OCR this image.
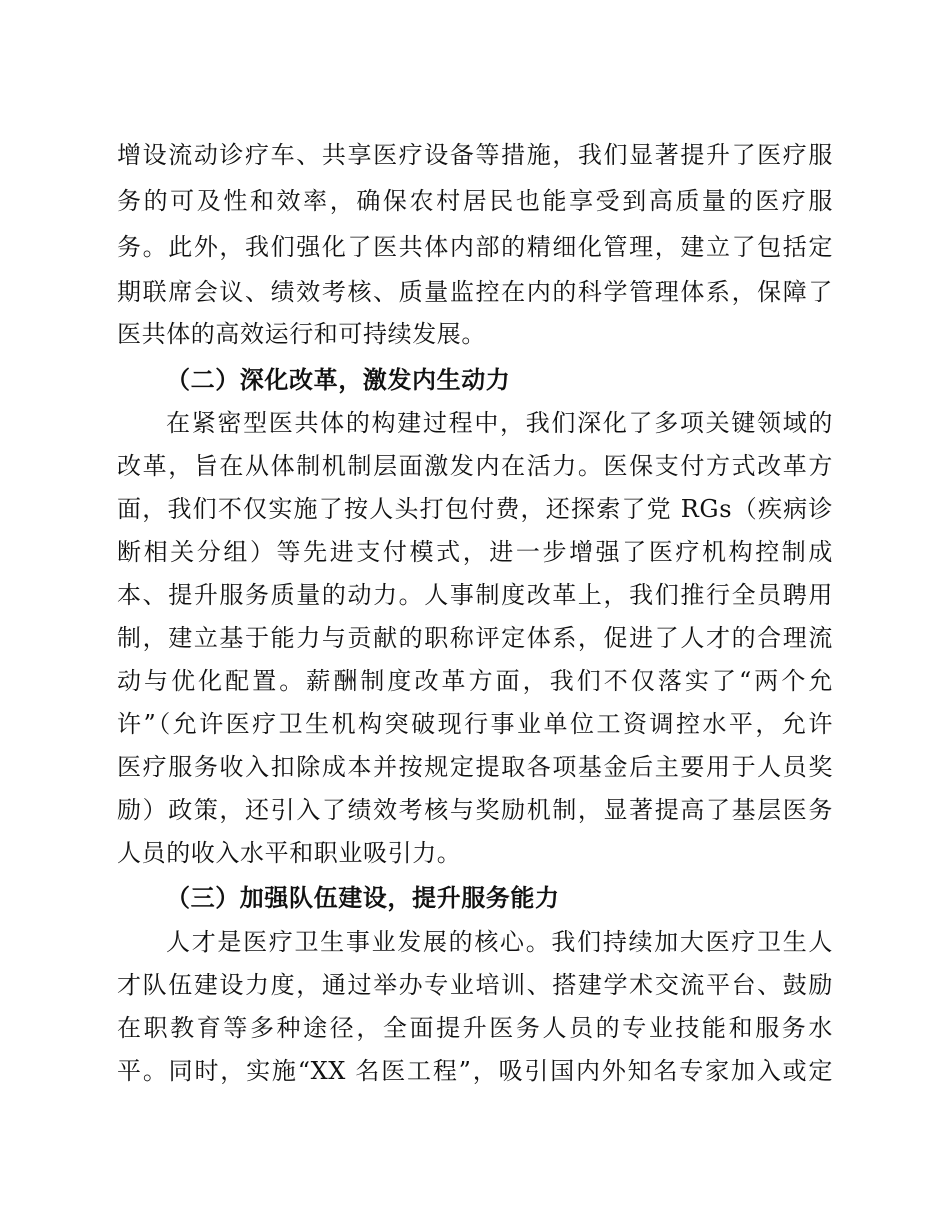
增设流动诊疗车、共享医疗设备等措施，我们显著提升了医疗服
务的可及性和效率，确保农村居民也能享受到高质量的医疗服
务。此外，我们强化了医共体内部的精细化管理，建立了包括定
期联席会议、绩效考核、质量监控在内的科学管理体系，保障了
医共体的高效运行和可持续发展。
（二）深化改革，激发内生动力
在紧密型医共体的构建过程中，我们深化了多项关键领域的
改革，旨在从体制机制层面激发内在活力。医保支付方式改革方
面，我们不仅实施了按人头打包付费，还探索了党 RGs（疾病诊
断相关分组）等先进支付模式，进一步增强了医疗机构控制成
本、提升服务质量的动力。人事制度改革上，我们推行全员聘用
制，建立基于能力与贡献的职称评定体系，促进了人才的合理流
动与优化配置。薪酬制度改革方面，我们不仅落实了“两个允
许”（允许医疗卫生机构突破现行事业单位工资调控水平，允许
医疗服务收入扣除成本并按规定提取各项基金后主要用于人员奖
励）政策，还引入了绩效考核与奖励机制，显著提高了基层医务
人员的收入水平和职业吸引力。
（三）加强队伍建设，提升服务能力
人才是医疗卫生事业发展的核心。我们持续加大医疗卫生人
才队伍建设力度，通过举办专业培训、搭建学术交流平台、鼓励
在职教育等多种途径，全面提升医务人员的专业技能和服务水
平。同时，实施“XX 名医工程”，吸引国内外知名专家加入或定
